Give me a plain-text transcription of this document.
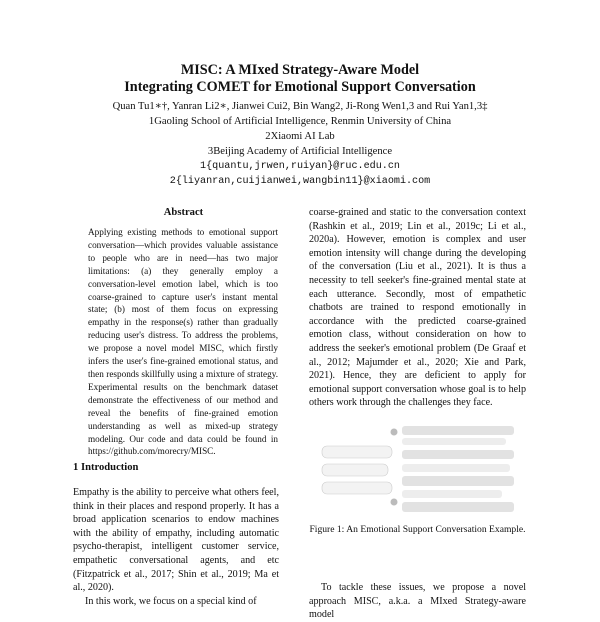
MISC: A MIxed Strategy-Aware Model
Integrating COMET for Emotional Support Conversation
Quan Tu1∗†, Yanran Li2∗, Jianwei Cui2, Bin Wang2, Ji-Rong Wen1,3 and Rui Yan1,3‡
1Gaoling School of Artificial Intelligence, Renmin University of China
2Xiaomi AI Lab
3Beijing Academy of Artificial Intelligence
1{quantu,jrwen,ruiyan}@ruc.edu.cn
2{liyanran,cuijianwei,wangbin11}@xiaomi.com
Abstract
Applying existing methods to emotional support conversation—which provides valuable assistance to people who are in need—has two major limitations: (a) they generally employ a conversation-level emotion label, which is too coarse-grained to capture user's instant mental state; (b) most of them focus on expressing empathy in the response(s) rather than gradually reducing user's distress. To address the problems, we propose a novel model MISC, which firstly infers the user's fine-grained emotional status, and then responds skillfully using a mixture of strategy. Experimental results on the benchmark dataset demonstrate the effectiveness of our method and reveal the benefits of fine-grained emotion understanding as well as mixed-up strategy modeling. Our code and data could be found in https://github.com/morecry/MISC.
1 Introduction
Empathy is the ability to perceive what others feel, think in their places and respond properly. It has a broad application scenarios to endow machines with the ability of empathy, including automatic psycho-therapist, intelligent customer service, empathetic conversational agents, and etc (Fitzpatrick et al., 2017; Shin et al., 2019; Ma et al., 2020).
In this work, we focus on a special kind of
coarse-grained and static to the conversation context (Rashkin et al., 2019; Lin et al., 2019c; Li et al., 2020a). However, emotion is complex and user emotion intensity will change during the developing of the conversation (Liu et al., 2021). It is thus a necessity to tell seeker's fine-grained mental state at each utterance. Secondly, most of empathetic chatbots are trained to respond emotionally in accordance with the predicted coarse-grained emotion class, without consideration on how to address the seeker's emotional problem (De Graaf et al., 2012; Majumder et al., 2020; Xie and Park, 2021). Hence, they are deficient to apply for emotional support conversation whose goal is to help others work through the challenges they face.
Figure 1: An Emotional Support Conversation Example.
To tackle these issues, we propose a novel approach MISC, a.k.a. a MIxed Strategy-aware model
